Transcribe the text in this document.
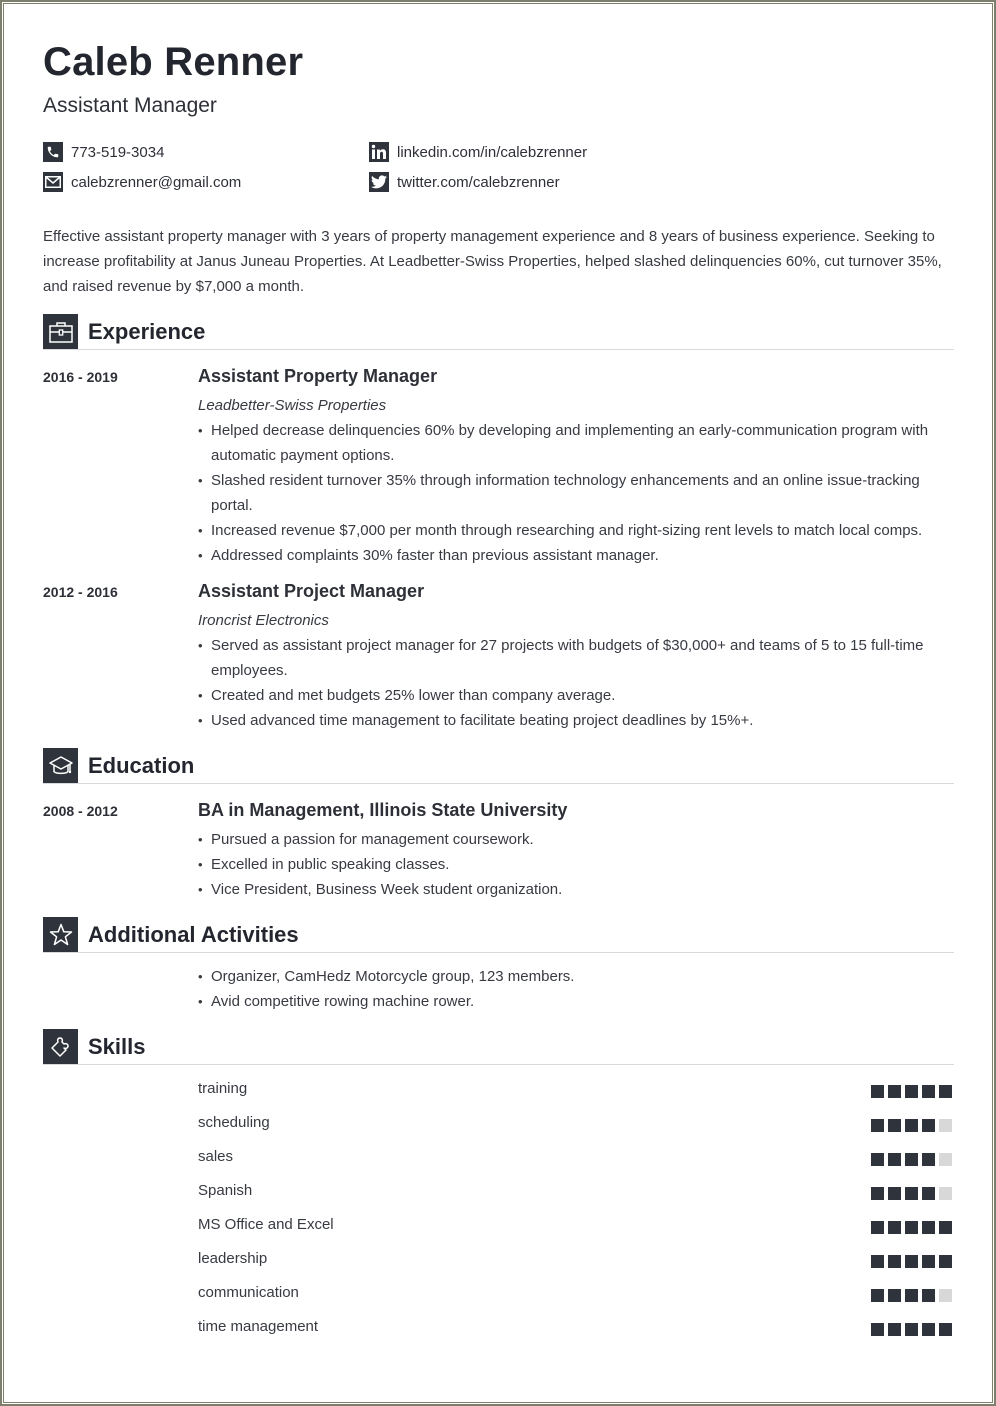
Caleb Renner
Assistant Manager
773-519-3034
calebzrenner@gmail.com
linkedin.com/in/calebzrenner
twitter.com/calebzrenner

Effective assistant property manager with 3 years of property management experience and 8 years of business experience. Seeking to increase profitability at Janus Juneau Properties. At Leadbetter-Swiss Properties, helped slashed delinquencies 60%, cut turnover 35%, and raised revenue by $7,000 a month.

Experience
2016 - 2019	Assistant Property Manager
Leadbetter-Swiss Properties
• Helped decrease delinquencies 60% by developing and implementing an early-communication program with automatic payment options.
• Slashed resident turnover 35% through information technology enhancements and an online issue-tracking portal.
• Increased revenue $7,000 per month through researching and right-sizing rent levels to match local comps.
• Addressed complaints 30% faster than previous assistant manager.
2012 - 2016	Assistant Project Manager
Ironcrist Electronics
• Served as assistant project manager for 27 projects with budgets of $30,000+ and teams of 5 to 15 full-time employees.
• Created and met budgets 25% lower than company average.
• Used advanced time management to facilitate beating project deadlines by 15%+.
Education
2008 - 2012	BA in Management, Illinois State University
• Pursued a passion for management coursework.
• Excelled in public speaking classes.
• Vice President, Business Week student organization.
Additional Activities
• Organizer, CamHedz Motorcycle group, 123 members.
• Avid competitive rowing machine rower.
Skills
training
scheduling
sales
Spanish
MS Office and Excel
leadership
communication
time management
